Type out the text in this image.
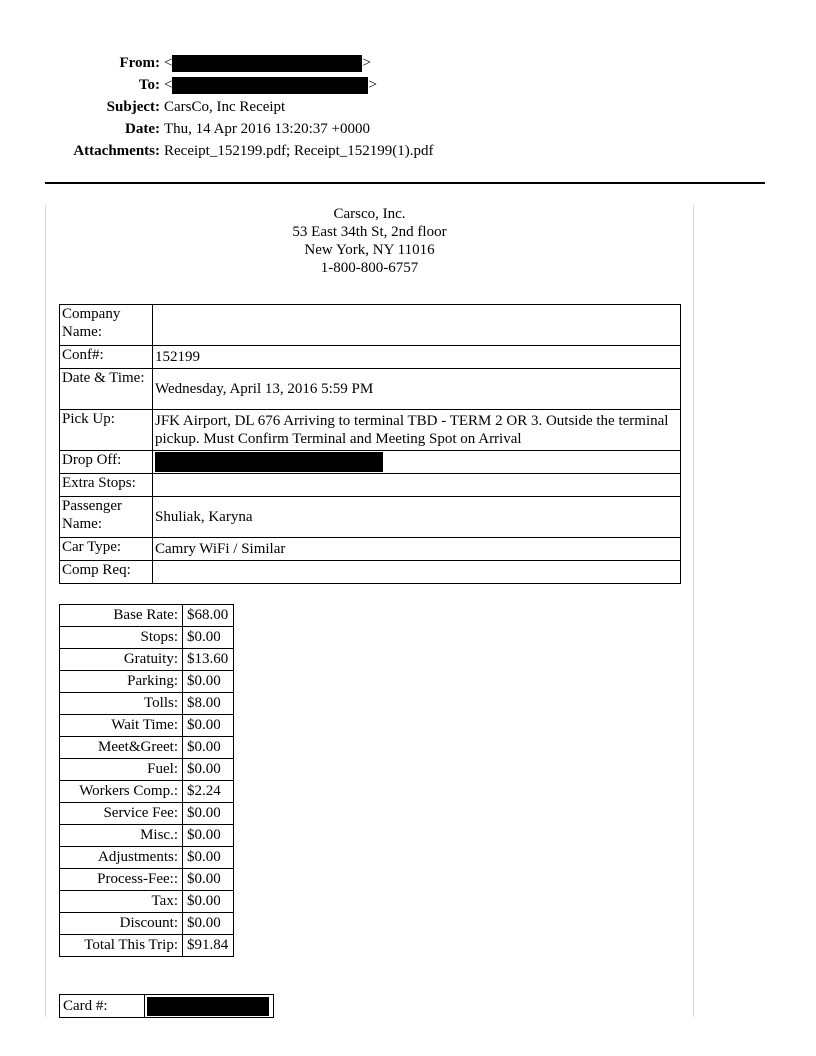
From: <	>
To: <	>
Subject: CarsCo, Inc Receipt
Date: Thu, 14 Apr 2016 13:20:37 +0000
Attachments: Receipt_152199.pdf; Receipt_152199(1).pdf
Carsco, Inc.
53 East 34th St, 2nd floor
New York, NY 11016
1-800-800-6757
Company Name:	
Conf#:	152199
Date & Time:	Wednesday, April 13, 2016 5:59 PM
Pick Up:	JFK Airport, DL 676 Arriving to terminal TBD - TERM 2 OR 3. Outside the terminal pickup. Must Confirm Terminal and Meeting Spot on Arrival
Drop Off:	
Extra Stops:	
Passenger Name:	Shuliak, Karyna
Car Type:	Camry WiFi / Similar
Comp Req:	
Base Rate:	$68.00
Stops:	$0.00
Gratuity:	$13.60
Parking:	$0.00
Tolls:	$8.00
Wait Time:	$0.00
Meet&Greet:	$0.00
Fuel:	$0.00
Workers Comp.:	$2.24
Service Fee:	$0.00
Misc.:	$0.00
Adjustments:	$0.00
Process-Fee::	$0.00
Tax:	$0.00
Discount:	$0.00
Total This Trip:	$91.84
Card #:
